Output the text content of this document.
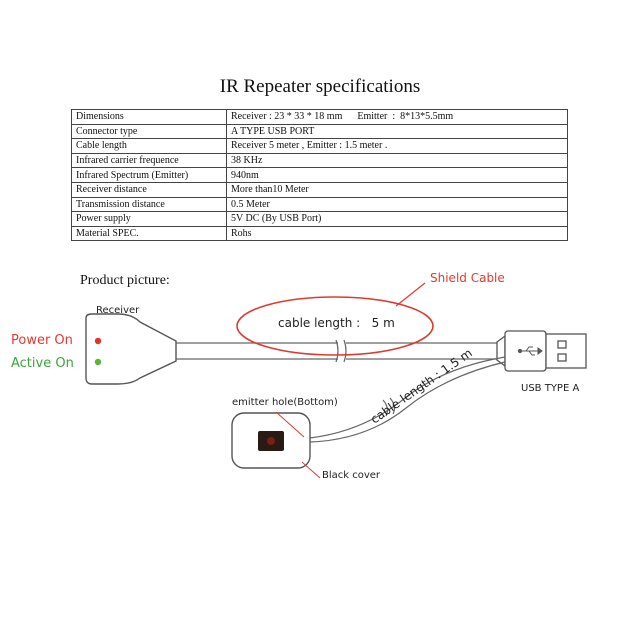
IR Repeater specifications
Dimensions	Receiver : 23 * 33 * 18 mm      Emitter  :  8*13*5.5mm
Connector type	A TYPE USB PORT
Cable length	Receiver 5 meter , Emitter : 1.5 meter .
Infrared carrier frequence	38 KHz
Infrared Spectrum (Emitter)	940nm
Receiver distance	More than10 Meter
Transmission distance	0.5 Meter
Power supply	5V DC (By USB Port)
Material SPEC.	Rohs
Product picture:
Receiver
Power On
Active On
Shield Cable
cable length :   5 m
USB TYPE A
emitter hole(Bottom)
Black cover
cable length : 1.5 m
